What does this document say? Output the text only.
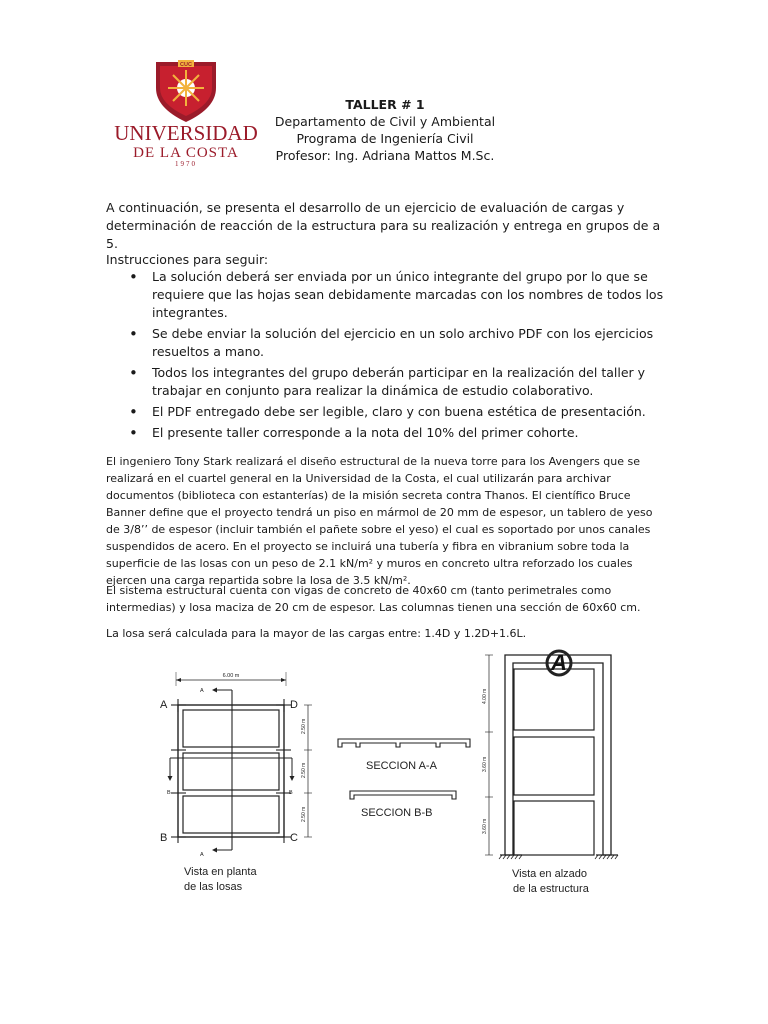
CUC
UNIVERSIDAD
DE LA COSTA
1970
TALLER # 1
Departamento de Civil y Ambiental
Programa de Ingeniería Civil
Profesor: Ing. Adriana Mattos M.Sc.
A continuación, se presenta el desarrollo de un ejercicio de evaluación de cargas y determinación de reacción de la estructura para su realización y entrega en grupos de a 5.
Instrucciones para seguir:
• La solución deberá ser enviada por un único integrante del grupo por lo que se requiere que las hojas sean debidamente marcadas con los nombres de todos los integrantes.
• Se debe enviar la solución del ejercicio en un solo archivo PDF con los ejercicios resueltos a mano.
• Todos los integrantes del grupo deberán participar en la realización del taller y trabajar en conjunto para realizar la dinámica de estudio colaborativo.
• El PDF entregado debe ser legible, claro y con buena estética de presentación.
• El presente taller corresponde a la nota del 10% del primer cohorte.
El ingeniero Tony Stark realizará el diseño estructural de la nueva torre para los Avengers que se realizará en el cuartel general en la Universidad de la Costa, el cual utilizarán para archivar documentos (biblioteca con estanterías) de la misión secreta contra Thanos. El científico Bruce Banner define que el proyecto tendrá un piso en mármol de 20 mm de espesor, un tablero de yeso de 3/8’’ de espesor (incluir también el pañete sobre el yeso) el cual es soportado por unos canales suspendidos de acero. En el proyecto se incluirá una tubería y fibra en vibranium sobre toda la superficie de las losas con un peso de 2.1 kN/m² y muros en concreto ultra reforzado los cuales ejercen una carga repartida sobre la losa de 3.5 kN/m².
El sistema estructural cuenta con vigas de concreto de 40x60 cm (tanto perimetrales como intermedias) y losa maciza de 20 cm de espesor. Las columnas tienen una sección de 60x60 cm.
La losa será calculada para la mayor de las cargas entre: 1.4D y 1.2D+1.6L.
6.00 m
A	D
B	C
A
A
B	B
2.50 m
2.50 m
2.50 m
Vista en planta
de las losas
SECCION A-A
SECCION B-B
A
4.00 m
3.60 m
3.60 m
Vista en alzado
de la estructura
